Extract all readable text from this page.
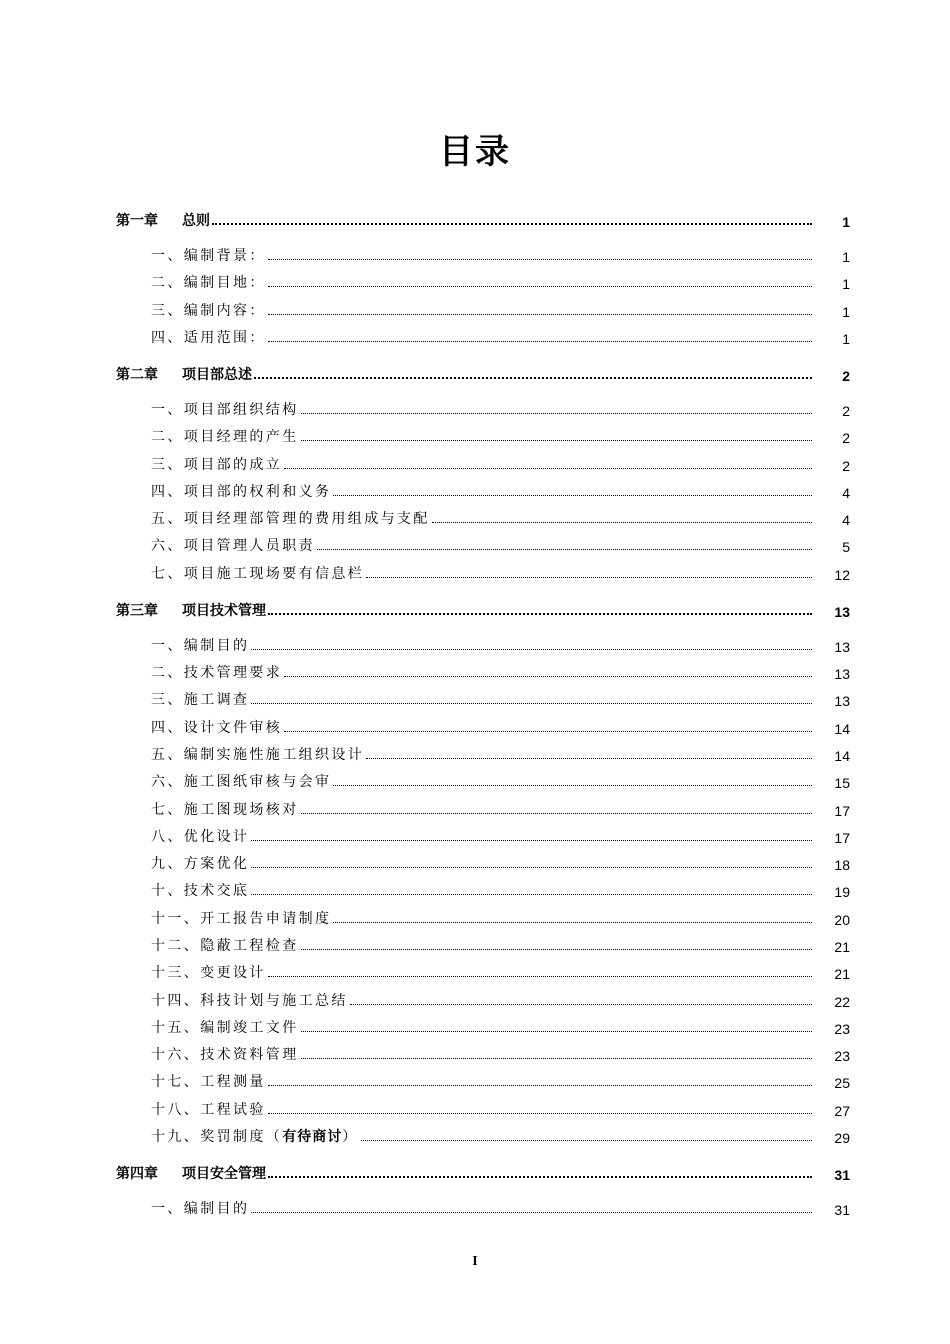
目录
第一章 总则	1
一、编制背景：	1
二、编制目地：	1
三、编制内容：	1
四、适用范围：	1
第二章 项目部总述	2
一、项目部组织结构	2
二、项目经理的产生	2
三、项目部的成立	2
四、项目部的权利和义务	4
五、项目经理部管理的费用组成与支配	4
六、项目管理人员职责	5
七、项目施工现场要有信息栏	12
第三章 项目技术管理	13
一、编制目的	13
二、技术管理要求	13
三、施工调查	13
四、设计文件审核	14
五、编制实施性施工组织设计	14
六、施工图纸审核与会审	15
七、施工图现场核对	17
八、优化设计	17
九、方案优化	18
十、技术交底	19
十一、开工报告申请制度	20
十二、隐蔽工程检查	21
十三、变更设计	21
十四、科技计划与施工总结	22
十五、编制竣工文件	23
十六、技术资料管理	23
十七、工程测量	25
十八、工程试验	27
十九、奖罚制度（有待商讨）	29
第四章 项目安全管理	31
一、编制目的	31
I
